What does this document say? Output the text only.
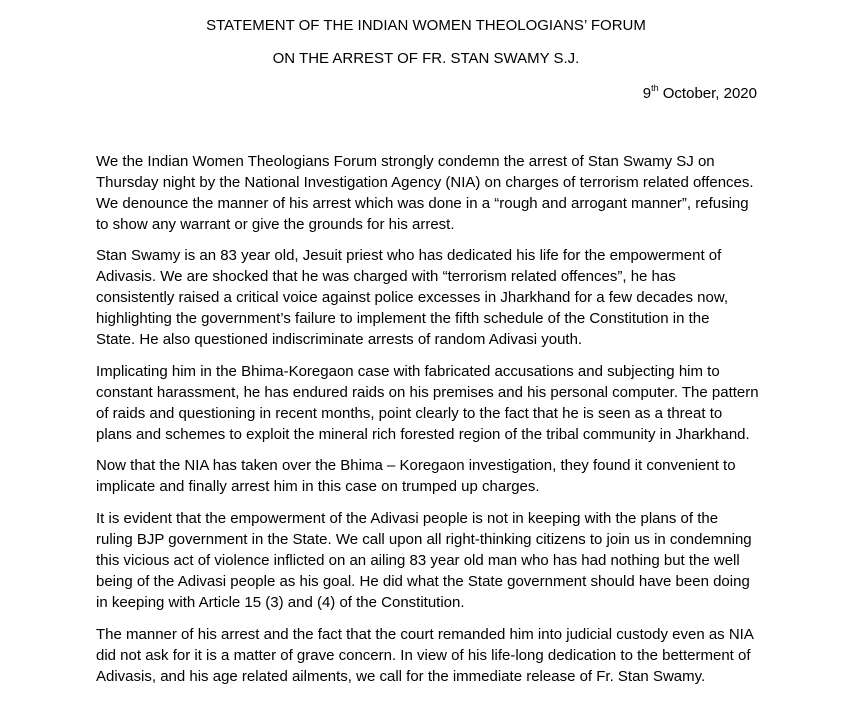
STATEMENT OF THE INDIAN WOMEN THEOLOGIANS’ FORUM
ON THE ARREST OF FR. STAN SWAMY S.J.
9th October, 2020

We the Indian Women Theologians Forum strongly condemn the arrest of Stan Swamy SJ on
Thursday night by the National Investigation Agency (NIA) on charges of terrorism related offences.
We denounce the manner of his arrest which was done in a “rough and arrogant manner”, refusing
to show any warrant or give the grounds for his arrest.

Stan Swamy is an 83 year old, Jesuit priest who has dedicated his life for the empowerment of
Adivasis. We are shocked that he was charged with “terrorism related offences”, he has
consistently raised a critical voice against police excesses in Jharkhand for a few decades now,
highlighting the government’s failure to implement the fifth schedule of the Constitution in the
State. He also questioned indiscriminate arrests of random Adivasi youth.

Implicating him in the Bhima-Koregaon case with fabricated accusations and subjecting him to
constant harassment, he has endured raids on his premises and his personal computer. The pattern
of raids and questioning in recent months, point clearly to the fact that he is seen as a threat to
plans and schemes to exploit the mineral rich forested region of the tribal community in Jharkhand.

Now that the NIA has taken over the Bhima – Koregaon investigation, they found it convenient to
implicate and finally arrest him in this case on trumped up charges.

It is evident that the empowerment of the Adivasi people is not in keeping with the plans of the
ruling BJP government in the State. We call upon all right-thinking citizens to join us in condemning
this vicious act of violence inflicted on an ailing 83 year old man who has had nothing but the well
being of the Adivasi people as his goal. He did what the State government should have been doing
in keeping with Article 15 (3) and (4) of the Constitution.

The manner of his arrest and the fact that the court remanded him into judicial custody even as NIA
did not ask for it is a matter of grave concern. In view of his life-long dedication to the betterment of
Adivasis, and his age related ailments, we call for the immediate release of Fr. Stan Swamy.
